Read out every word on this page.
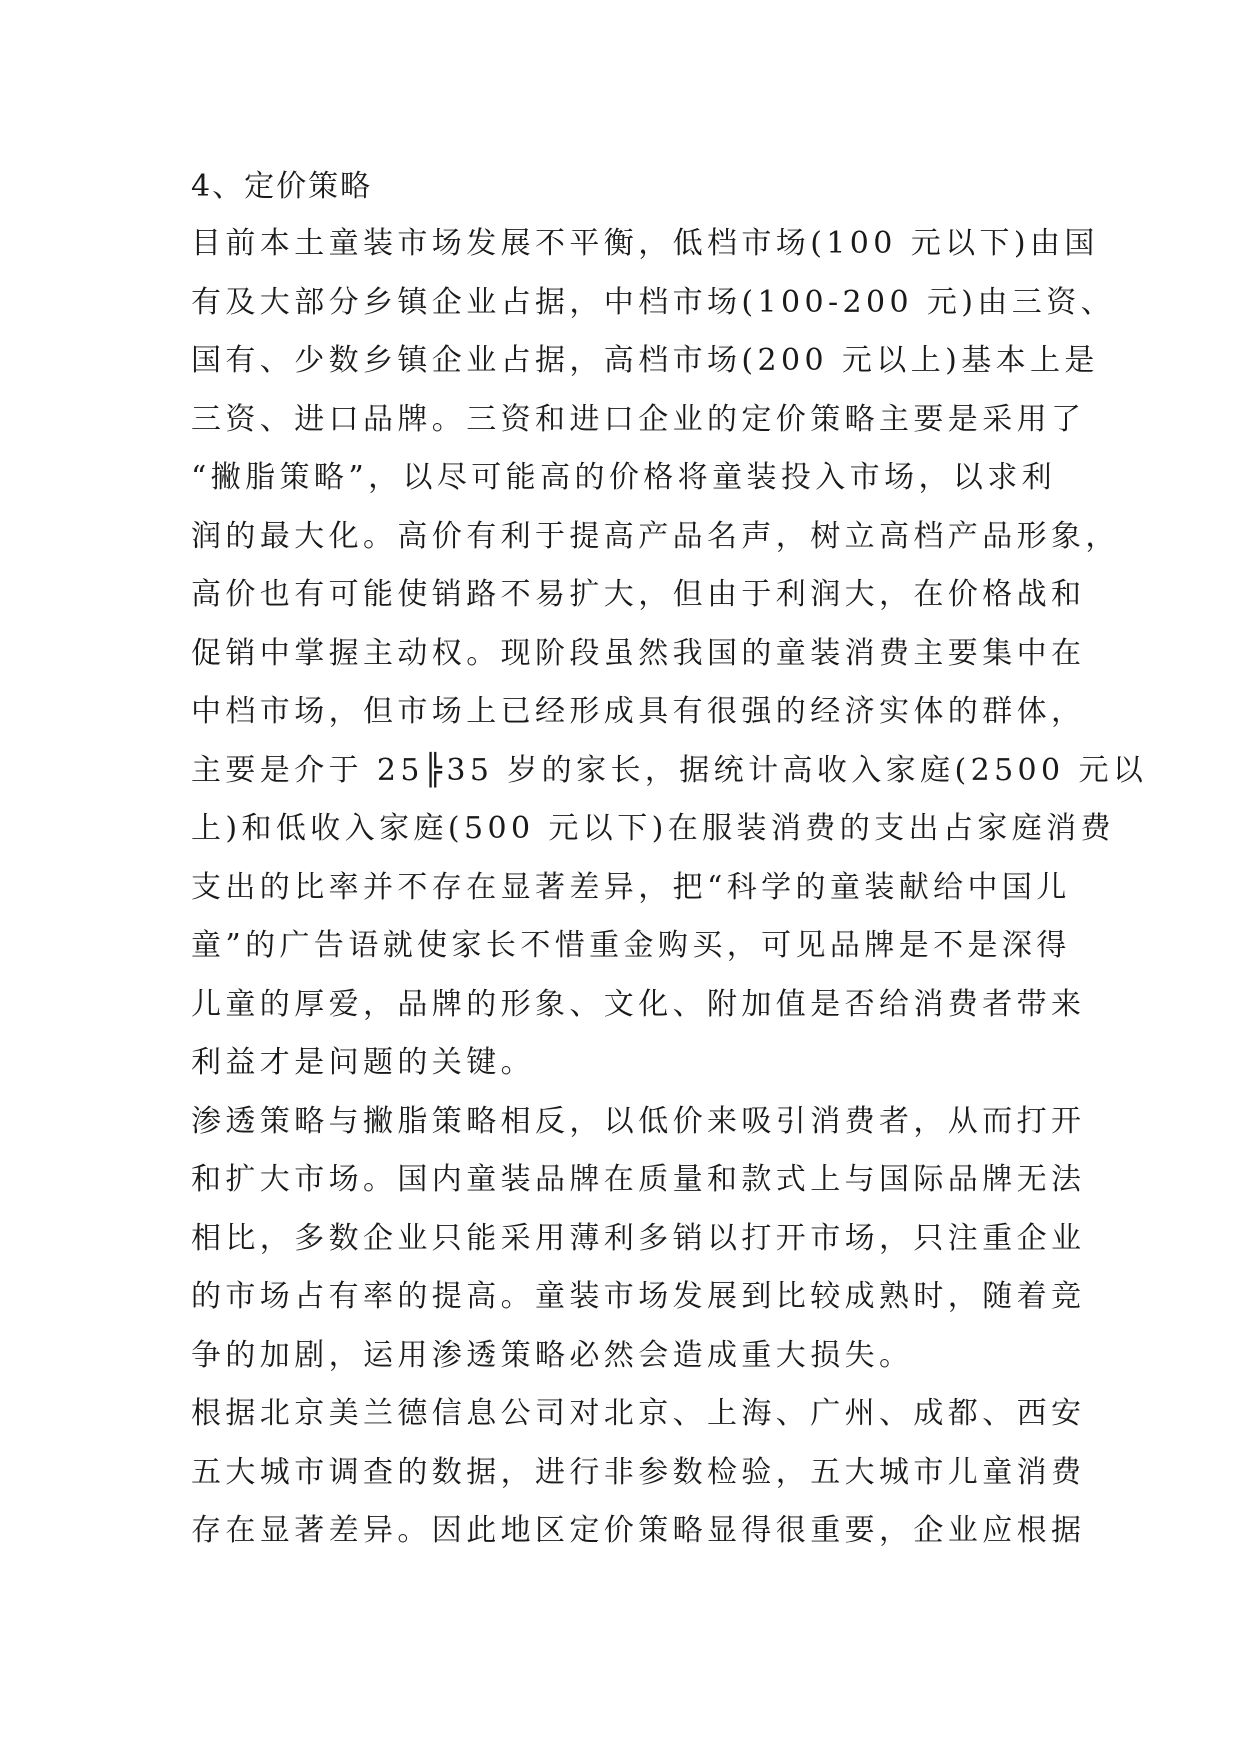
4、定价策略
目前本土童装市场发展不平衡，低档市场(100 元以下)由国
有及大部分乡镇企业占据，中档市场(100-200 元)由三资、
国有、少数乡镇企业占据，高档市场(200 元以上)基本上是
三资、进口品牌。三资和进口企业的定价策略主要是采用了
“撇脂策略”，以尽可能高的价格将童装投入市场，以求利
润的最大化。高价有利于提高产品名声，树立高档产品形象，
高价也有可能使销路不易扩大，但由于利润大，在价格战和
促销中掌握主动权。现阶段虽然我国的童装消费主要集中在
中档市场，但市场上已经形成具有很强的经济实体的群体，
主要是介于 25╠35 岁的家长，据统计高收入家庭(2500 元以
上)和低收入家庭(500 元以下)在服装消费的支出占家庭消费
支出的比率并不存在显著差异，把“科学的童装献给中国儿
童”的广告语就使家长不惜重金购买，可见品牌是不是深得
儿童的厚爱，品牌的形象、文化、附加值是否给消费者带来
利益才是问题的关键。
渗透策略与撇脂策略相反，以低价来吸引消费者，从而打开
和扩大市场。国内童装品牌在质量和款式上与国际品牌无法
相比，多数企业只能采用薄利多销以打开市场，只注重企业
的市场占有率的提高。童装市场发展到比较成熟时，随着竞
争的加剧，运用渗透策略必然会造成重大损失。
根据北京美兰德信息公司对北京、上海、广州、成都、西安
五大城市调查的数据，进行非参数检验，五大城市儿童消费
存在显著差异。因此地区定价策略显得很重要，企业应根据
